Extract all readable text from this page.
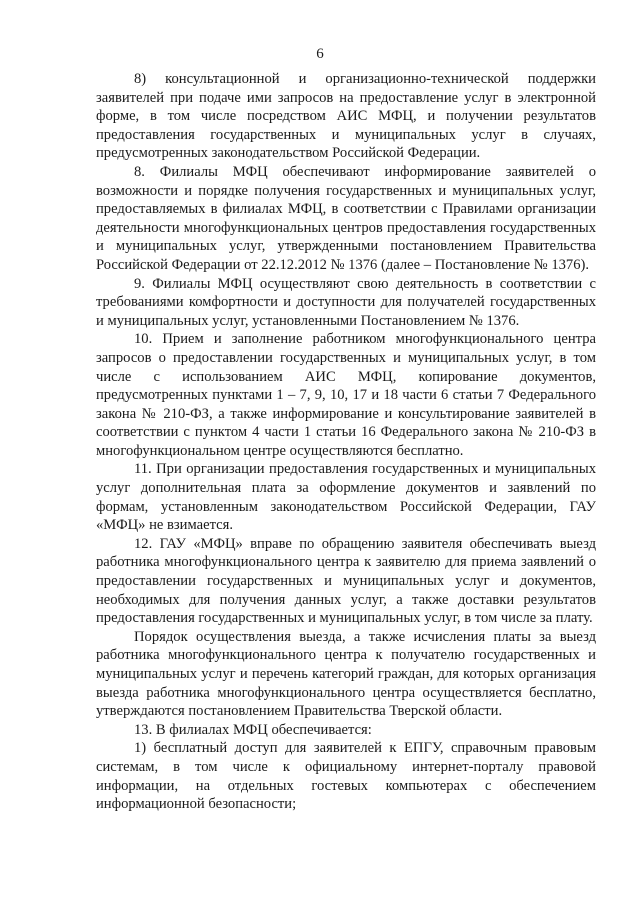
6

8) консультационной и организационно-технической поддержки заявителей при подаче ими запросов на предоставление услуг в электронной форме, в том числе посредством АИС МФЦ, и получении результатов предоставления государственных и муниципальных услуг в случаях, предусмотренных законодательством Российской Федерации.

8. Филиалы МФЦ обеспечивают информирование заявителей о возможности и порядке получения государственных и муниципальных услуг, предоставляемых в филиалах МФЦ, в соответствии с Правилами организации деятельности многофункциональных центров предоставления государственных и муниципальных услуг, утвержденными постановлением Правительства Российской Федерации от 22.12.2012 № 1376 (далее – Постановление № 1376).

9. Филиалы МФЦ осуществляют свою деятельность в соответствии с требованиями комфортности и доступности для получателей государственных и муниципальных услуг, установленными Постановлением № 1376.

10. Прием и заполнение работником многофункционального центра запросов о предоставлении государственных и муниципальных услуг, в том числе с использованием АИС МФЦ, копирование документов, предусмотренных пунктами 1 – 7, 9, 10, 17 и 18 части 6 статьи 7 Федерального закона № 210-ФЗ, а также информирование и консультирование заявителей в соответствии с пунктом 4 части 1 статьи 16 Федерального закона № 210-ФЗ в многофункциональном центре осуществляются бесплатно.

11. При организации предоставления государственных и муниципальных услуг дополнительная плата за оформление документов и заявлений по формам, установленным законодательством Российской Федерации, ГАУ «МФЦ» не взимается.

12. ГАУ «МФЦ» вправе по обращению заявителя обеспечивать выезд работника многофункционального центра к заявителю для приема заявлений о предоставлении государственных и муниципальных услуг и документов, необходимых для получения данных услуг, а также доставки результатов предоставления государственных и муниципальных услуг, в том числе за плату.

Порядок осуществления выезда, а также исчисления платы за выезд работника многофункционального центра к получателю государственных и муниципальных услуг и перечень категорий граждан, для которых организация выезда работника многофункционального центра осуществляется бесплатно, утверждаются постановлением Правительства Тверской области.

13. В филиалах МФЦ обеспечивается:

1) бесплатный доступ для заявителей к ЕПГУ, справочным правовым системам, в том числе к официальному интернет-порталу правовой информации, на отдельных гостевых компьютерах с обеспечением информационной безопасности;
